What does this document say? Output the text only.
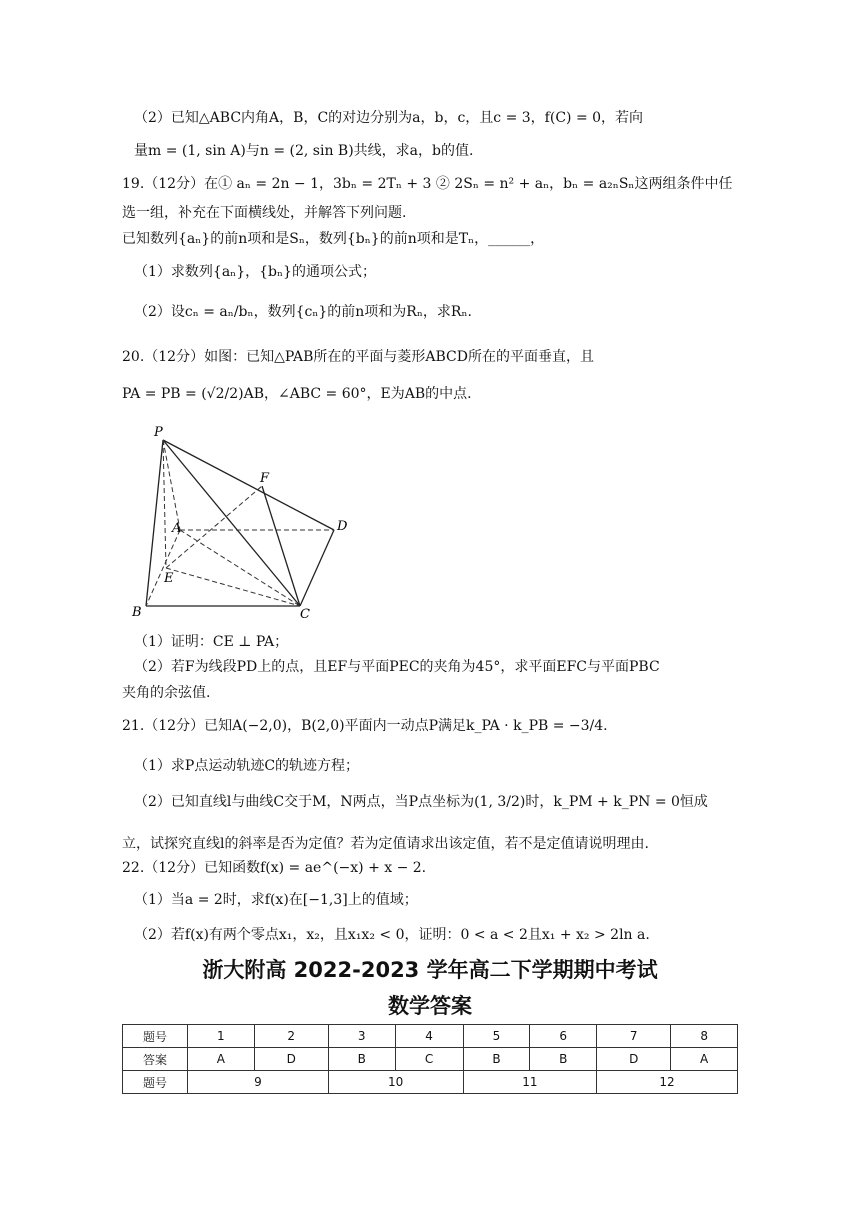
（2）已知△ABC内角A，B，C的对边分别为a，b，c，且c = 3，f(C) = 0，若向
量m = (1, sin A)与n = (2, sin B)共线，求a，b的值.
19.（12分）在① aₙ = 2n − 1，3bₙ = 2Tₙ + 3 ② 2Sₙ = n² + aₙ，bₙ = a₂ₙSₙ这两组条件中任
选一组，补充在下面横线处，并解答下列问题.
已知数列{aₙ}的前n项和是Sₙ，数列{bₙ}的前n项和是Tₙ，______，
（1）求数列{aₙ}，{bₙ}的通项公式；
（2）设cₙ = aₙ/bₙ，数列{cₙ}的前n项和为Rₙ，求Rₙ.
20.（12分）如图：已知△PAB所在的平面与菱形ABCD所在的平面垂直，且
PA = PB = (√2/2)AB，∠ABC = 60°，E为AB的中点.
（1）证明：CE ⊥ PA；
（2）若F为线段PD上的点，且EF与平面PEC的夹角为45°，求平面EFC与平面PBC
夹角的余弦值.
21.（12分）已知A(−2,0)，B(2,0)平面内一动点P满足k_PA · k_PB = −3/4.
（1）求P点运动轨迹C的轨迹方程；
（2）已知直线l与曲线C交于M，N两点，当P点坐标为(1, 3/2)时，k_PM + k_PN = 0恒成
立，试探究直线l的斜率是否为定值？若为定值请求出该定值，若不是定值请说明理由.
22.（12分）已知函数f(x) = ae^(−x) + x − 2.
（1）当a = 2时，求f(x)在[−1,3]上的值域；
（2）若f(x)有两个零点x₁，x₂，且x₁x₂ < 0，证明：0 < a < 2且x₁ + x₂ > 2ln a.
P
A
B	C
D
E
F
浙大附高 2022-2023 学年高二下学期期中考试
数学答案
题号	1	2	3	4	5	6	7	8
答案	A	D	B	C	B	B	D	A
题号	9		10		11		12	
